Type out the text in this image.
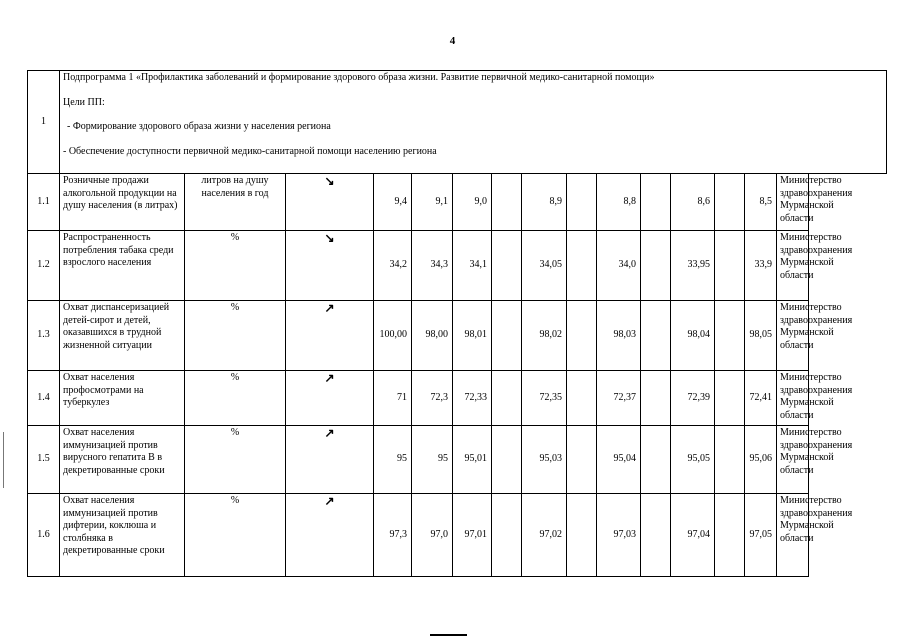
4
1	Подпрограмма 1 «Профилактика заболеваний и формирование здорового образа жизни. Развитие первичной медико-санитарной помощи»

Цели ПП:

- Формирование здорового образа жизни у населения региона

- Обеспечение доступности первичной медико-санитарной помощи населению региона														

1.1	Розничные продажи алкогольной продукции на душу населения (в литрах)	литров на душу населения в год	↘	9,4	9,1	9,0		8,9		8,8		8,6		8,5	Министерство здравоохранения Мурманской области
1.2	Распространенность потребления табака среди взрослого населения	%	↘	34,2	34,3	34,1		34,05		34,0		33,95		33,9	Министерство здравоохранения Мурманской области
1.3	Охват диспансеризацией детей-сирот и детей, оказавшихся в трудной жизненной ситуации	%	↗	100,00	98,00	98,01		98,02		98,03		98,04		98,05	Министерство здравоохранения Мурманской области
1.4	Охват населения профосмотрами на туберкулез	%	↗	71	72,3	72,33		72,35		72,37		72,39		72,41	Министерство здравоохранения Мурманской области
1.5	Охват населения иммунизацией против вирусного гепатита В в декретированные сроки	%	↗	95	95	95,01		95,03		95,04		95,05		95,06	Министерство здравоохранения Мурманской области
1.6	Охват населения иммунизацией против дифтерии, коклюша и столбняка в декретированные сроки	%	↗	97,3	97,0	97,01		97,02		97,03		97,04		97,05	Министерство здравоохранения Мурманской области
